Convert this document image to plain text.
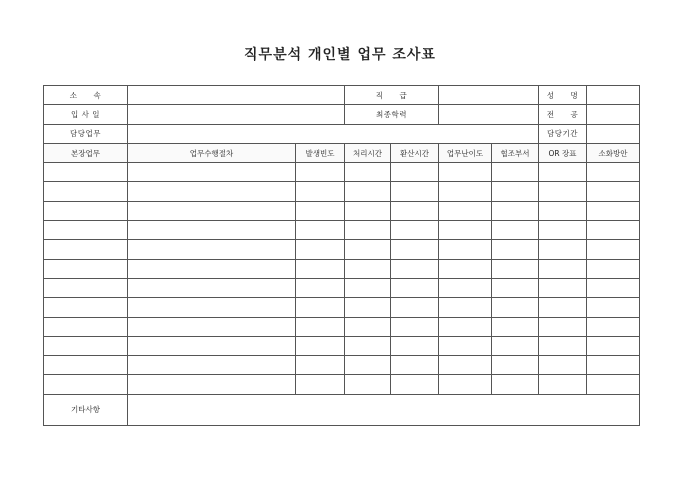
직무분석 개인별 업무 조사표
소　　속			직　　급				성　　명	
입 사 일			최종학력				전　　공	
담당업무							담당기간	
본장업무	업무수행절차	발생빈도	처리시간	환산시간	업무난이도	협조부서	OR 장표	소화방안

기타사항								
